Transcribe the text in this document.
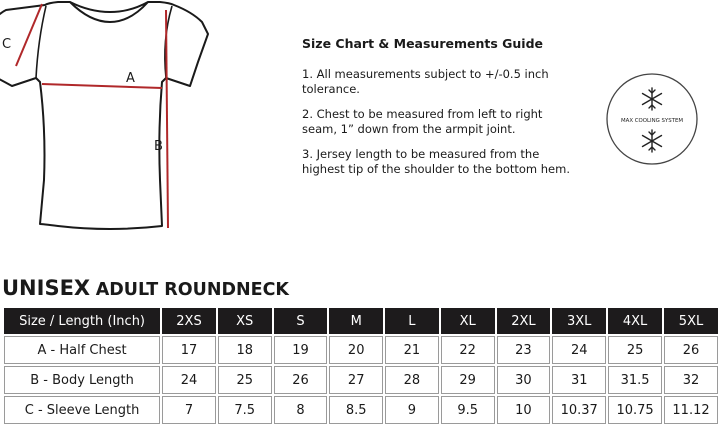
A
B
C	Size Chart & Measurements Guide

1. All measurements subject to +/-0.5 inch tolerance.

2. Chest to be measured from left to right seam, 1” down from the armpit joint.

3. Jersey length to be measured from the highest tip of the shoulder to the bottom hem.

MAX COOLING SYSTEM
UNISEX ADULT ROUNDNECK
Size / Length (Inch)	2XS	XS	S	M	L	XL	2XL	3XL	4XL	5XL
A - Half Chest	17	18	19	20	21	22	23	24	25	26
B - Body Length	24	25	26	27	28	29	30	31	31.5	32
C - Sleeve Length	7	7.5	8	8.5	9	9.5	10	10.37	10.75	11.12
